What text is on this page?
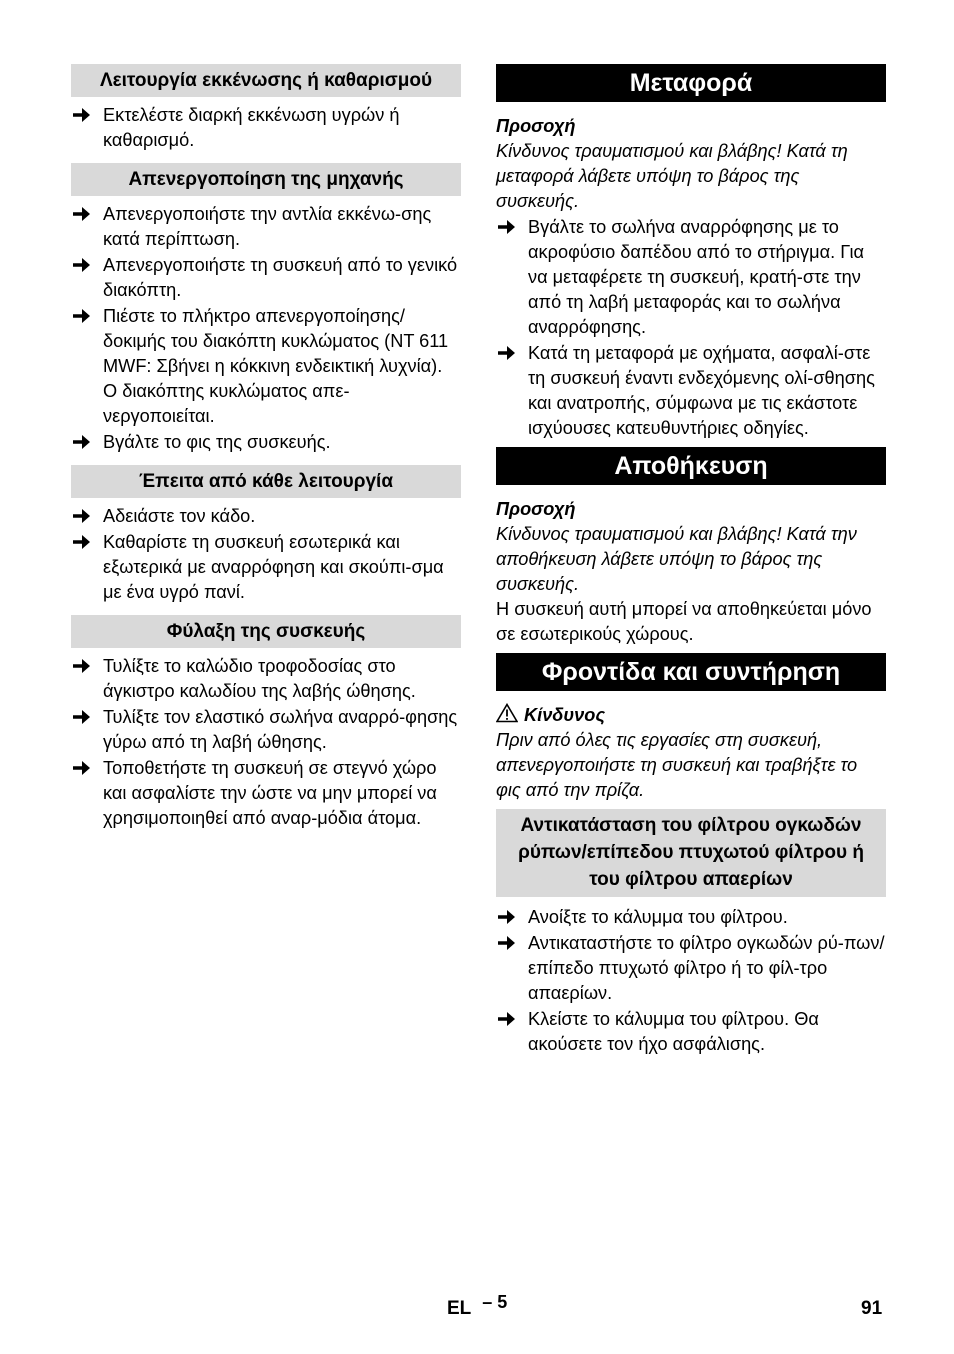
Λειτουργία εκκένωσης ή καθαρισμού
Εκτελέστε διαρκή εκκένωση υγρών ή καθαρισμό.
Απενεργοποίηση της μηχανής
Απενεργοποιήστε την αντλία εκκένω-σης κατά περίπτωση.
Απενεργοποιήστε τη συσκευή από το γενικό διακόπτη.
Πιέστε το πλήκτρο απενεργοποίησης/δοκιμής του διακόπτη κυκλώματος (NT 611 MWF: Σβήνει η κόκκινη ενδεικτική λυχνία). Ο διακόπτης κυκλώματος απε-νεργοποιείται.
Βγάλτε το φις της συσκευής.
Έπειτα από κάθε λειτουργία
Αδειάστε τον κάδο.
Καθαρίστε τη συσκευή εσωτερικά και εξωτερικά με αναρρόφηση και σκούπι-σμα με ένα υγρό πανί.
Φύλαξη της συσκευής
Τυλίξτε το καλώδιο τροφοδοσίας στο άγκιστρο καλωδίου της λαβής ώθησης.
Τυλίξτε τον ελαστικό σωλήνα αναρρό-φησης γύρω από τη λαβή ώθησης.
Τοποθετήστε τη συσκευή σε στεγνό χώρο και ασφαλίστε την ώστε να μην μπορεί να χρησιμοποιηθεί από αναρ-μόδια άτομα.
Μεταφορά

Προσοχή

Κίνδυνος τραυματισμού και βλάβης! Κατά τη μεταφορά λάβετε υπόψη το βάρος της συσκευής.

Βγάλτε το σωλήνα αναρρόφησης με το ακροφύσιο δαπέδου από το στήριγμα. Για να μεταφέρετε τη συσκευή, κρατή-στε την από τη λαβή μεταφοράς και το σωλήνα αναρρόφησης.
Κατά τη μεταφορά με οχήματα, ασφαλί-στε τη συσκευή έναντι ενδεχόμενης ολί-σθησης και ανατροπής, σύμφωνα με τις εκάστοτε ισχύουσες κατευθυντήριες οδηγίες.
Αποθήκευση

Προσοχή

Κίνδυνος τραυματισμού και βλάβης! Κατά την αποθήκευση λάβετε υπόψη το βάρος της συσκευής.

Η συσκευή αυτή μπορεί να αποθηκεύεται μόνο σε εσωτερικούς χώρους.

Φροντίδα και συντήρηση

Κίνδυνος

Πριν από όλες τις εργασίες στη συσκευή, απενεργοποιήστε τη συσκευή και τραβήξτε το φις από την πρίζα.

Αντικατάσταση του φίλτρου ογκωδών ρύπων/επίπεδου πτυχωτού φίλτρου ή του φίλτρου απαερίων
Ανοίξτε το κάλυμμα του φίλτρου.
Αντικαταστήστε το φίλτρο ογκωδών ρύ-πων/επίπεδο πτυχωτό φίλτρο ή το φίλ-τρο απαερίων.
Κλείστε το κάλυμμα του φίλτρου. Θα ακούσετε τον ήχο ασφάλισης.
EL – 5	91
